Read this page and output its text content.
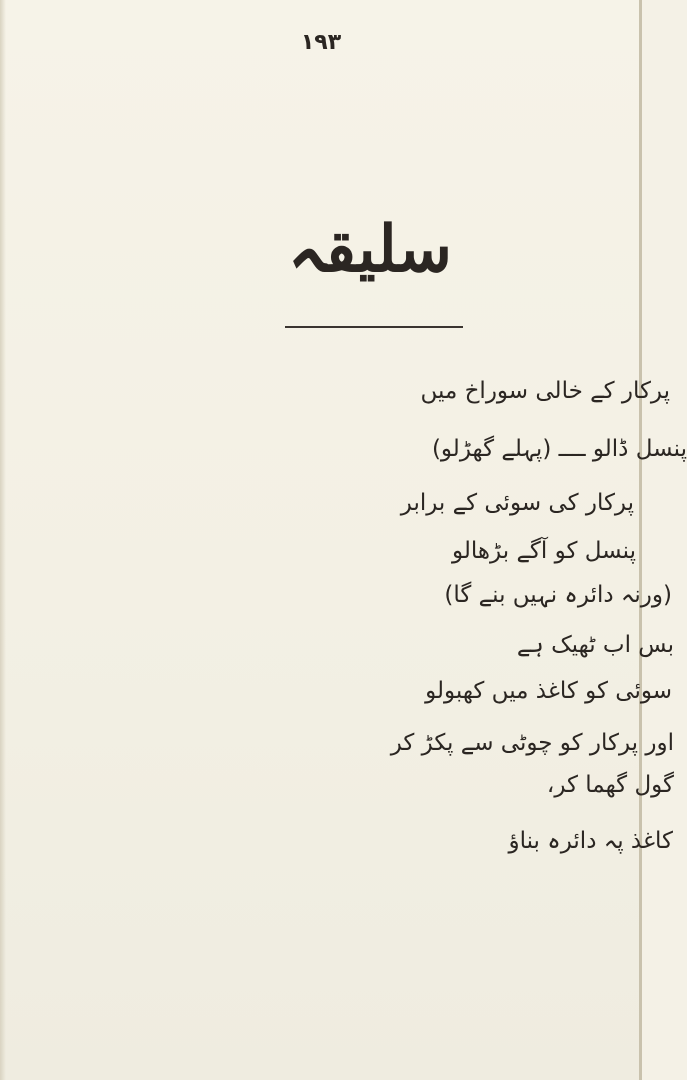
۱۹۳
سلیقہ
پرکار کے خالی سوراخ میں
پنسل ڈالو ــــ (پہلے گھڑلو)
پرکار کی سوئی کے برابر
پنسل کو آگے بڑھالو
(ورنہ دائرہ نہیں بنے گا)
بس اب ٹھیک ہے
سوئی کو کاغذ میں کھبولو
اور پرکار کو چوٹی سے پکڑ کر
گول گھما کر،
کاغذ پہ دائرہ بناؤ
